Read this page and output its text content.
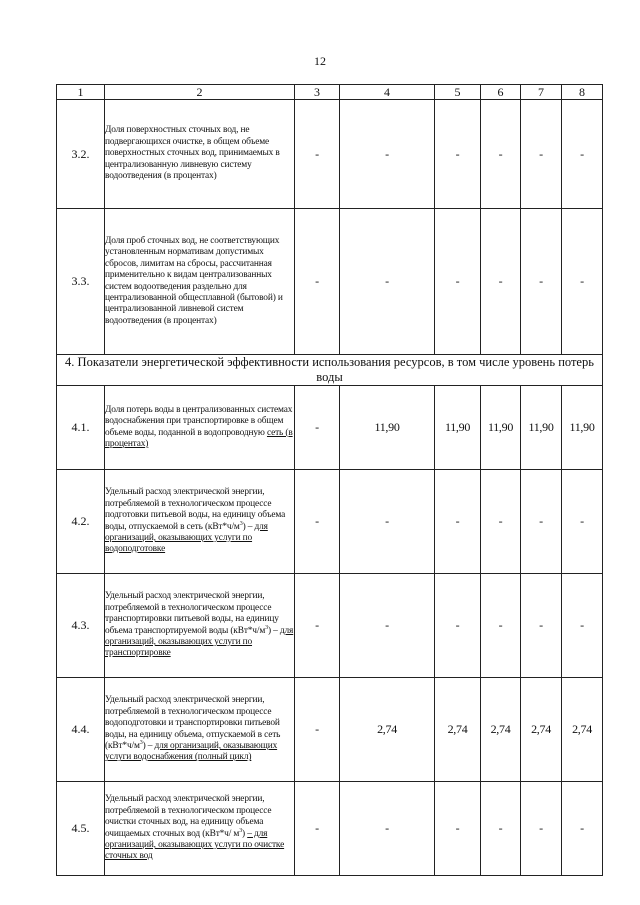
12
1	2	3	4	5	6	7	8
3.2.	Доля поверхностных сточных вод, не подвергающихся очистке, в общем объеме поверхностных сточных вод, принимаемых в централизованную ливневую систему водоотведения (в процентах)	-	-	-	-	-	-
3.3.	Доля проб сточных вод, не соответствующих установленным нормативам допустимых сбросов, лимитам на сбросы, рассчитанная применительно к видам централизованных систем водоотведения раздельно для централизованной общесплавной (бытовой) и централизованной ливневой систем водоотведения (в процентах)	-	-	-	-	-	-
4. Показатели энергетической эффективности использования ресурсов, в том числе уровень потерь воды							
4.1.	Доля потерь воды в централизованных системах водоснабжения при транспортировке в общем объеме воды, поданной в водопроводную сеть (в процентах)	-	11,90	11,90	11,90	11,90	11,90
4.2.	Удельный расход электрической энергии, потребляемой в технологическом процессе подготовки питьевой воды, на единицу объема воды, отпускаемой в сеть $(кВт*ч/м^3)$ – для организаций, оказывающих услуги по водоподготовке	-	-	-	-	-	-
4.3.	Удельный расход электрической энергии, потребляемой в технологическом процессе транспортировки питьевой воды, на единицу объема транспортируемой воды $(кВт*ч/м^3)$ – для организаций, оказывающих услуги по транспортировке	-	-	-	-	-	-
4.4.	Удельный расход электрической энергии, потребляемой в технологическом процессе водоподготовки и транспортировки питьевой воды, на единицу объема, отпускаемой в сеть $(кВт*ч/м^3)$ – для организаций, оказывающих услуги водоснабжения (полный цикл)	-	2,74	2,74	2,74	2,74	2,74
4.5.	Удельный расход электрической энергии, потребляемой в технологическом процессе очистки сточных вод, на единицу объема очищаемых сточных вод (кВт*ч/ $м^3$) – для организаций, оказывающих услуги по очистке сточных вод	-	-	-	-	-	-
